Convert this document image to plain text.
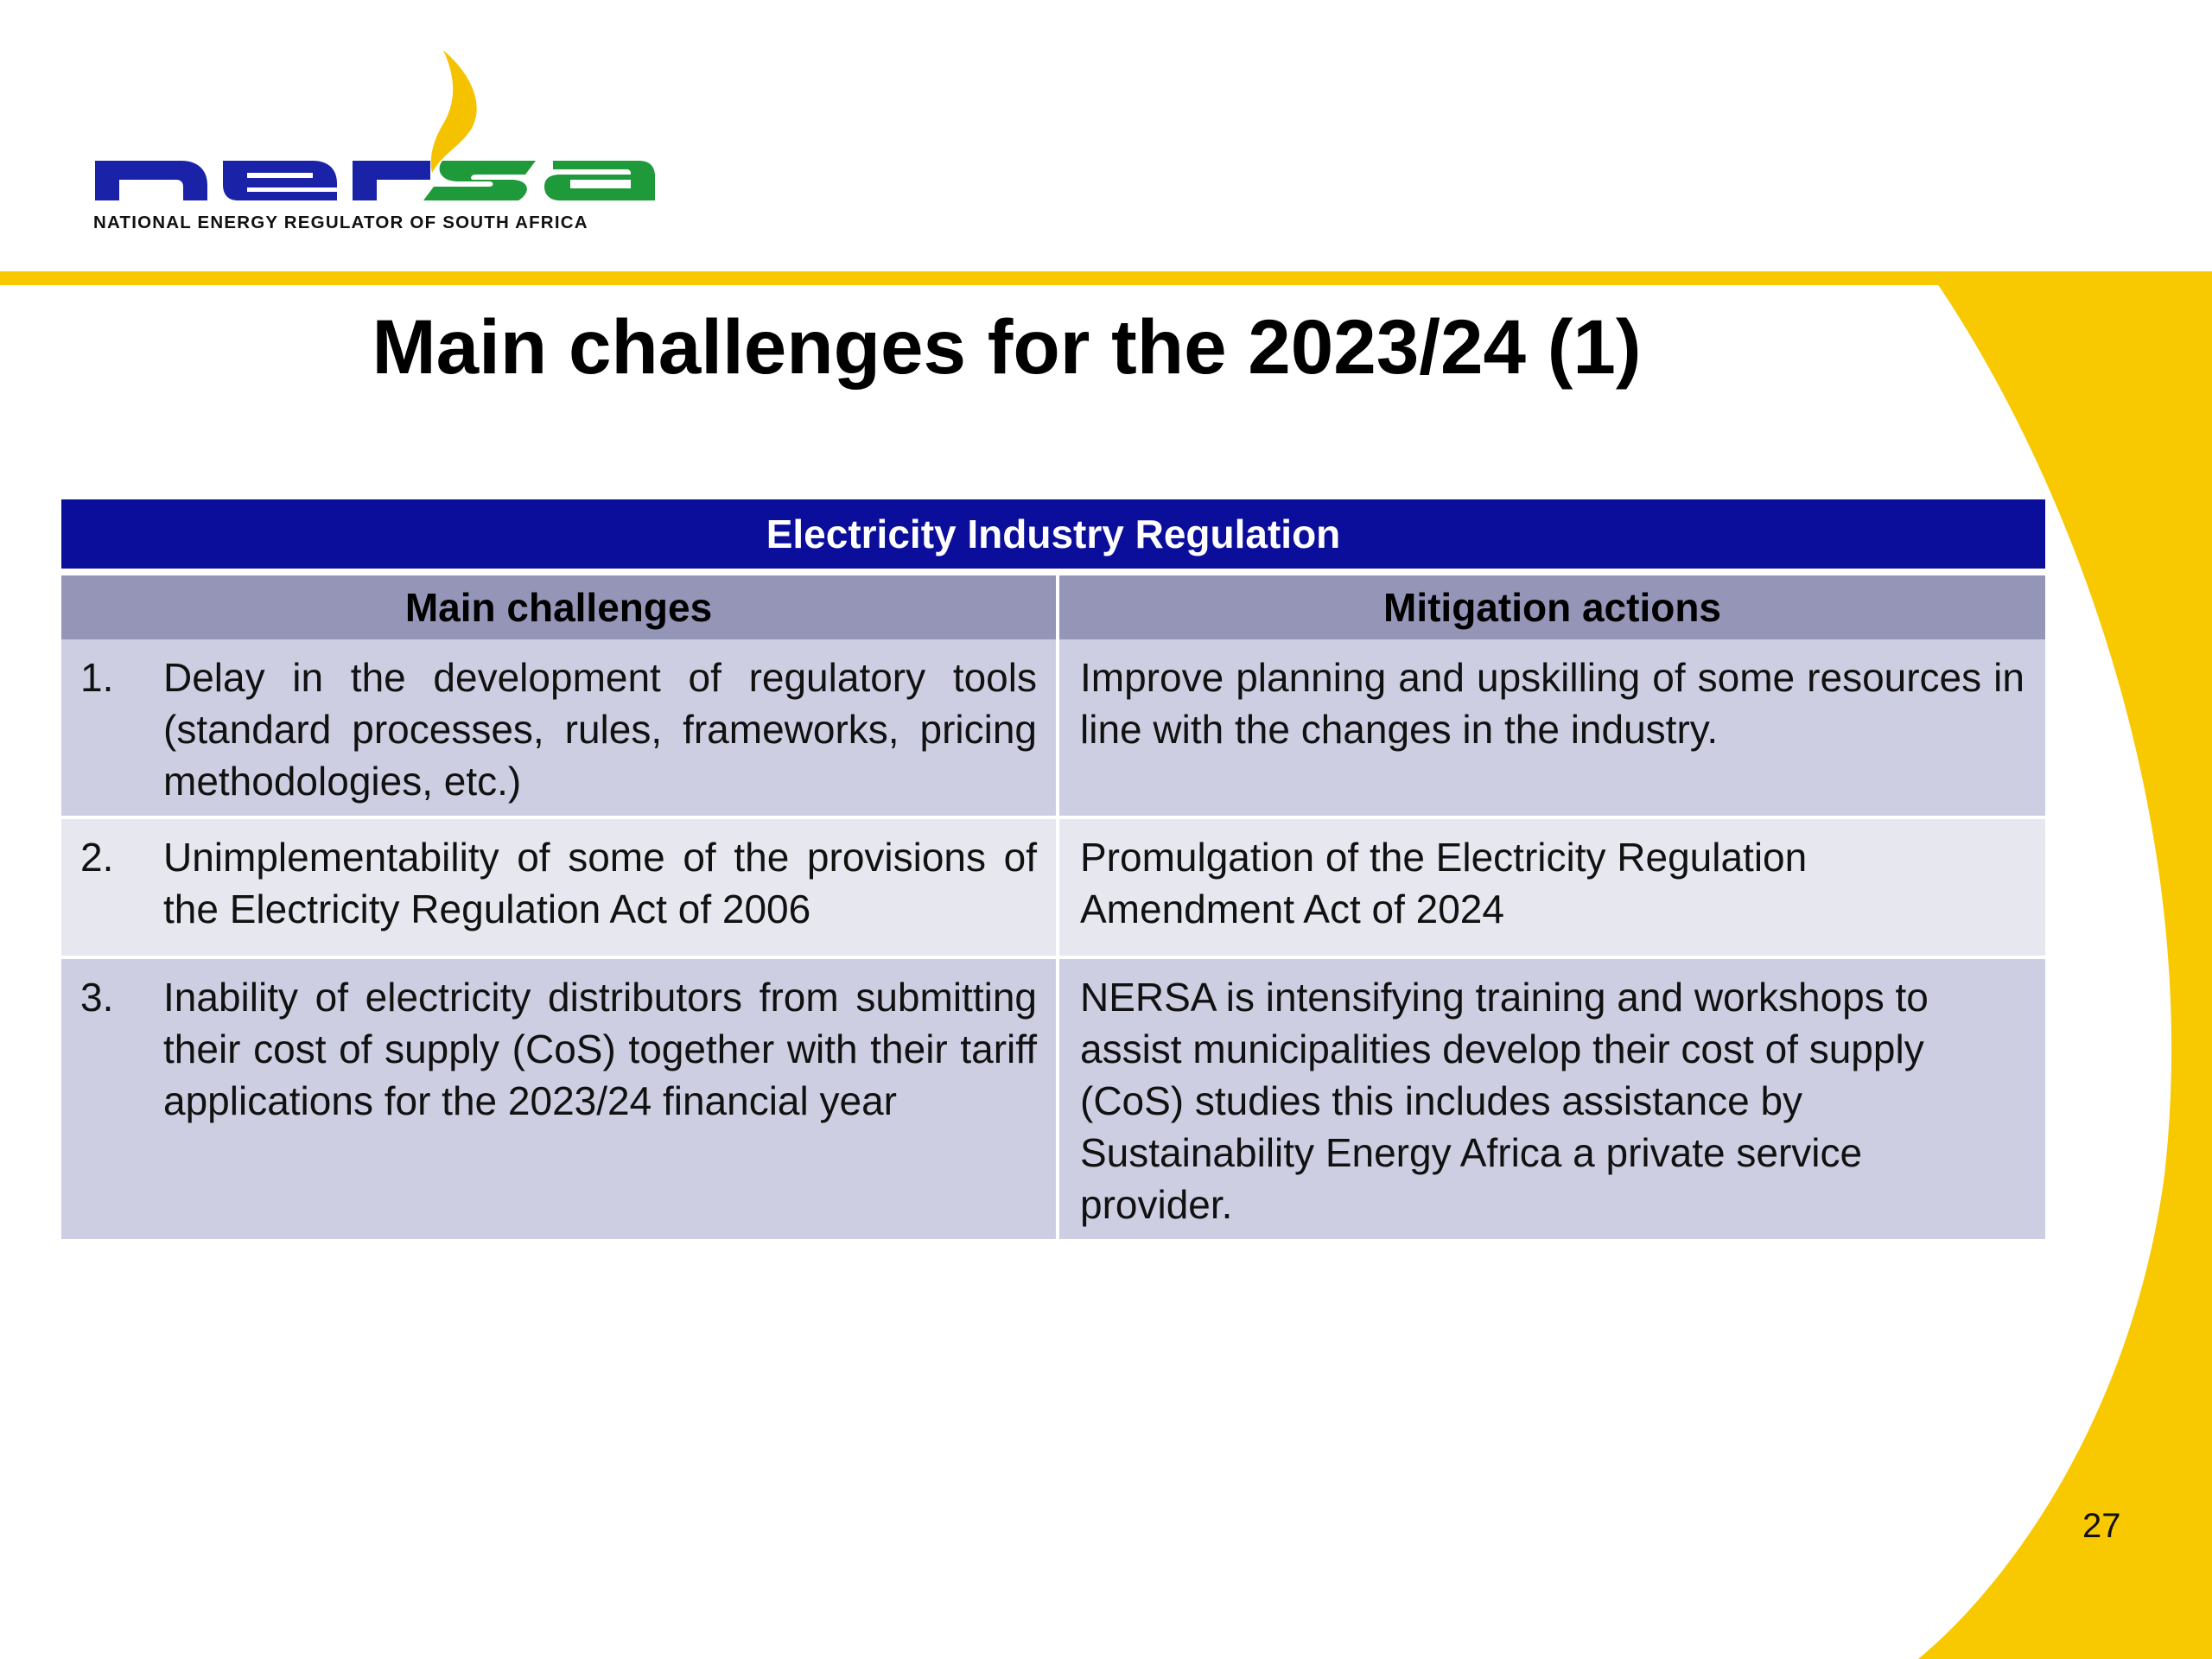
NATIONAL ENERGY REGULATOR OF SOUTH AFRICA
Main challenges for the 2023/24 (1)
Electricity Industry Regulation	
Main challenges	Mitigation actions

1. Delay in the development of regulatory tools (standard processes, rules, frameworks, pricing methodologies, etc.)	Improve planning and upskilling of some resources in line with the changes in the industry.

2. Unimplementability of some of the provisions of the Electricity Regulation Act of 2006	Promulgation of the Electricity Regulation Amendment Act of 2024

3. Inability of electricity distributors from submitting their cost of supply (CoS) together with their tariff applications for the 2023/24 financial year	NERSA is intensifying training and workshops to assist municipalities develop their cost of supply (CoS) studies this includes assistance by Sustainability Energy Africa a private service provider.
27
